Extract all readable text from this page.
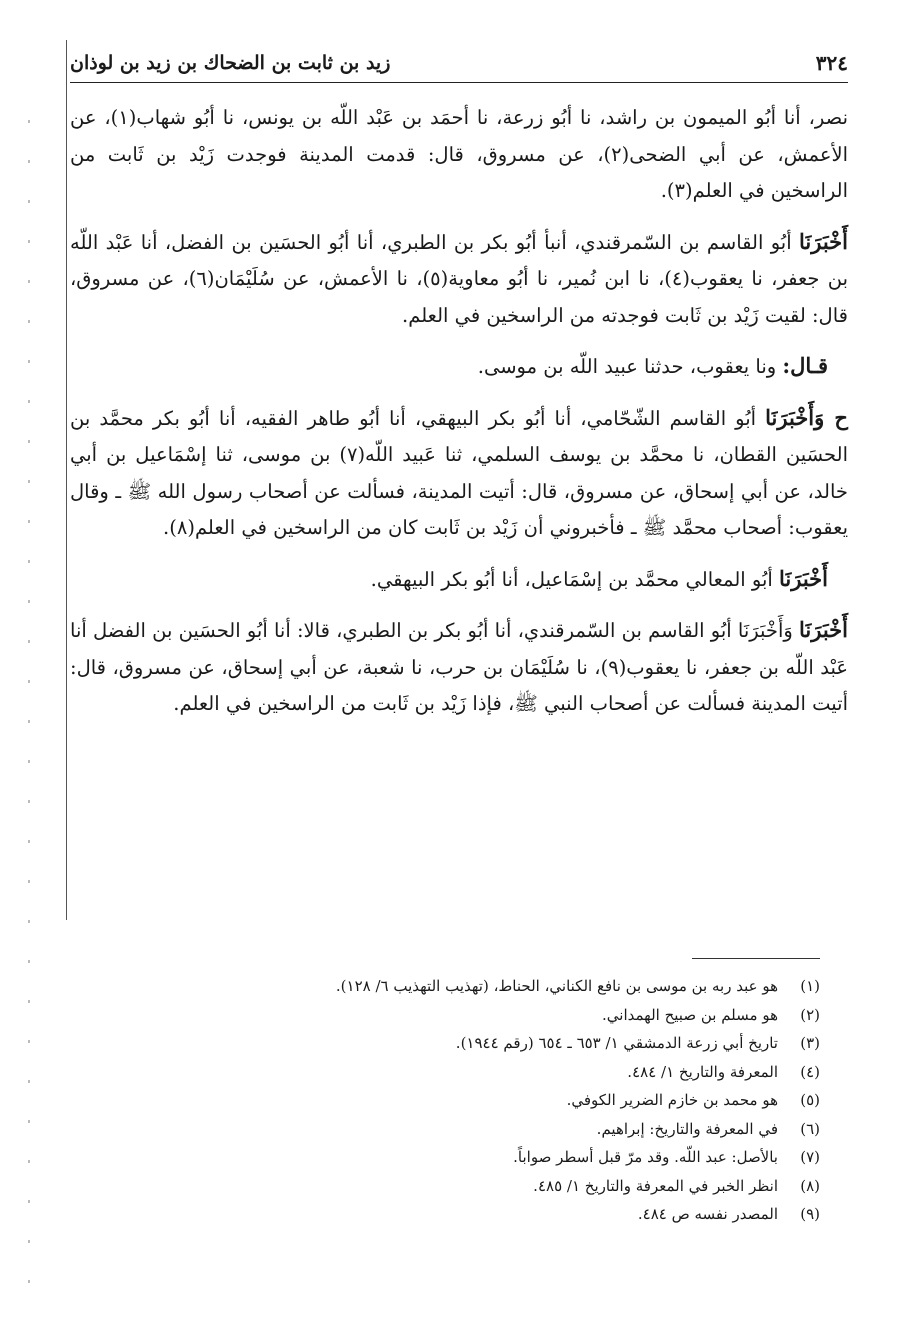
٣٢٤
زيد بن ثابت بن الضحاك بن زيد بن لوذان

نصر، أنا أبُو الميمون بن راشد، نا أبُو زرعة، نا أحمَد بن عَبْد اللّه بن يونس، نا أبُو شهاب(١)، عن الأعمش، عن أبي الضحى(٢)، عن مسروق، قال: قدمت المدينة فوجدت زَيْد بن ثَابت من الراسخين في العلم(٣).

أَخْبَرَنَا أبُو القاسم بن السّمرقندي، أنبأ أبُو بكر بن الطبري، أنا أبُو الحسَين بن الفضل، أنا عَبْد اللّه بن جعفر، نا يعقوب(٤)، نا ابن نُمير، نا أبُو معاوية(٥)، نا الأعمش، عن سُلَيْمَان(٦)، عن مسروق، قال: لقيت زَيْد بن ثَابت فوجدته من الراسخين في العلم.

قـال: ونا يعقوب، حدثنا عبيد اللّه بن موسى.

ح وَأَخْبَرَنَا أبُو القاسم الشّحّامي، أنا أبُو بكر البيهقي، أنا أبُو طاهر الفقيه، أنا أبُو بكر محمَّد بن الحسَين القطان، نا محمَّد بن يوسف السلمي، ثنا عَبيد اللّه(٧) بن موسى، ثنا إسْمَاعيل بن أبي خالد، عن أبي إسحاق، عن مسروق، قال: أتيت المدينة، فسألت عن أصحاب رسول الله ﷺ ـ وقال يعقوب: أصحاب محمَّد ﷺ ـ فأخبروني أن زَيْد بن ثَابت كان من الراسخين في العلم(٨).

أَخْبَرَنَا أبُو المعالي محمَّد بن إسْمَاعيل، أنا أبُو بكر البيهقي.

أَخْبَرَنَا وَأَخْبَرَنَا أبُو القاسم بن السّمرقندي، أنا أبُو بكر بن الطبري، قالا: أنا أبُو الحسَين بن الفضل أنا عَبْد اللّه بن جعفر، نا يعقوب(٩)، نا سُلَيْمَان بن حرب، نا شعبة، عن أبي إسحاق، عن مسروق، قال: أتيت المدينة فسألت عن أصحاب النبي ﷺ، فإذا زَيْد بن ثَابت من الراسخين في العلم.

(١)
هو عبد ربه بن موسى بن نافع الكناني، الحناط، (تهذيب التهذيب ٦/ ١٢٨).
(٢)
هو مسلم بن صبيح الهمداني.
(٣)
تاريخ أبي زرعة الدمشقي ١/ ٦٥٣ ـ ٦٥٤ (رقم ١٩٤٤).
(٤)
المعرفة والتاريخ ١/ ٤٨٤.
(٥)
هو محمد بن خازم الضرير الكوفي.
(٦)
في المعرفة والتاريخ: إبراهيم.
(٧)
بالأصل: عبد اللّه. وقد مرّ قبل أسطر صواباً.
(٨)
انظر الخبر في المعرفة والتاريخ ١/ ٤٨٥.
(٩)
المصدر نفسه ص ٤٨٤.
